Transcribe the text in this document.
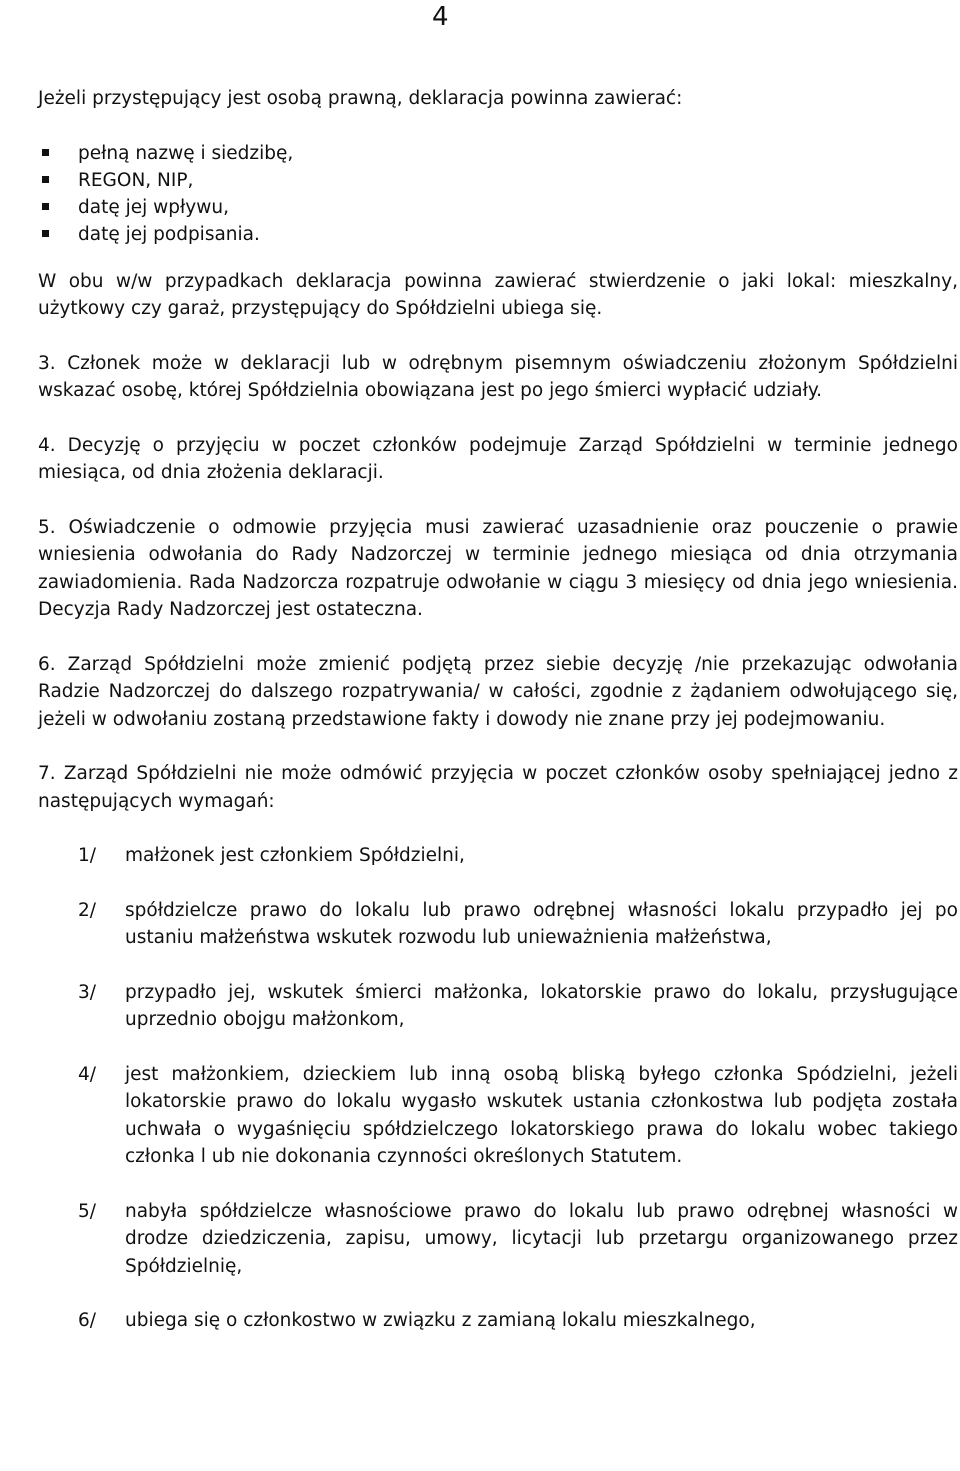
4

Jeżeli przystępujący jest osobą prawną, deklaracja powinna zawierać:

pełną nazwę i siedzibę,
REGON, NIP,
datę jej wpływu,
datę jej podpisania.

W obu w/w przypadkach deklaracja powinna zawierać stwierdzenie o jaki lokal: mieszkalny, użytkowy czy garaż, przystępujący do Spółdzielni ubiega się.

3. Członek może w deklaracji lub w odrębnym pisemnym oświadczeniu złożonym Spółdzielni wskazać osobę, której Spółdzielnia obowiązana jest po jego śmierci wypłacić udziały.
4. Decyzję o przyjęciu w poczet członków podejmuje Zarząd Spółdzielni w terminie jednego miesiąca, od dnia złożenia deklaracji.
5. Oświadczenie o odmowie przyjęcia musi zawierać uzasadnienie oraz pouczenie o prawie wniesienia odwołania do Rady Nadzorczej w terminie jednego miesiąca od dnia otrzymania zawiadomienia. Rada Nadzorcza rozpatruje odwołanie w ciągu 3 miesięcy od dnia jego wniesienia. Decyzja Rady Nadzorczej jest ostateczna.
6. Zarząd Spółdzielni może zmienić podjętą przez siebie decyzję /nie przekazując odwołania Radzie Nadzorczej do dalszego rozpatrywania/ w całości, zgodnie z żądaniem odwołującego się, jeżeli w odwołaniu zostaną przedstawione fakty i dowody nie znane przy jej podejmowaniu.
7. Zarząd Spółdzielni nie może odmówić przyjęcia w poczet członków osoby spełniającej jedno z następujących wymagań:
1/ małżonek jest członkiem Spółdzielni,
2/ spółdzielcze prawo do lokalu lub prawo odrębnej własności lokalu przypadło jej po ustaniu małżeństwa wskutek rozwodu lub unieważnienia małżeństwa,
3/ przypadło jej, wskutek śmierci małżonka, lokatorskie prawo do lokalu, przysługujące uprzednio obojgu małżonkom,
4/ jest małżonkiem, dzieckiem lub inną osobą bliską byłego członka Spódzielni, jeżeli lokatorskie prawo do lokalu wygasło wskutek ustania członkostwa lub podjęta została uchwała o wygaśnięciu spółdzielczego lokatorskiego prawa do lokalu wobec takiego członka l ub nie dokonania czynności określonych Statutem.
5/ nabyła spółdzielcze własnościowe prawo do lokalu lub prawo odrębnej własności w drodze dziedziczenia, zapisu, umowy, licytacji lub przetargu organizowanego przez Spółdzielnię,
6/ ubiega się o członkostwo w związku z zamianą lokalu mieszkalnego,
